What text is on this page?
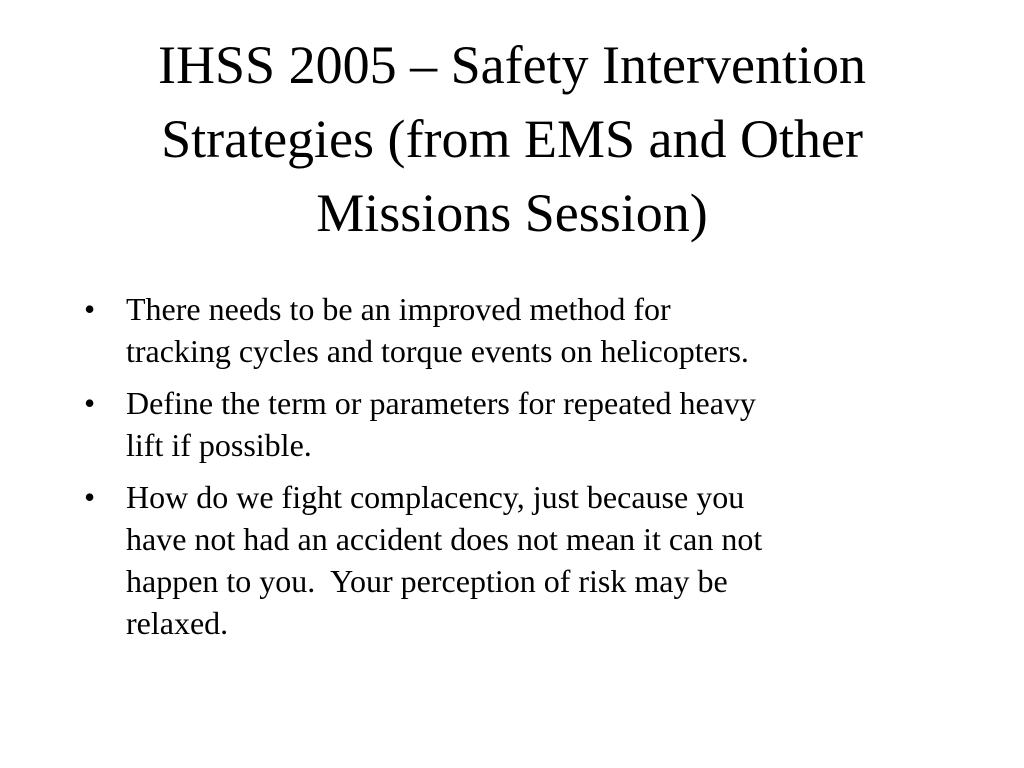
IHSS 2005 – Safety Intervention
Strategies (from EMS and Other
Missions Session)
• There needs to be an improved method for
tracking cycles and torque events on helicopters.
• Define the term or parameters for repeated heavy
lift if possible.
• How do we fight complacency, just because you
have not had an accident does not mean it can not
happen to you.  Your perception of risk may be
relaxed.
